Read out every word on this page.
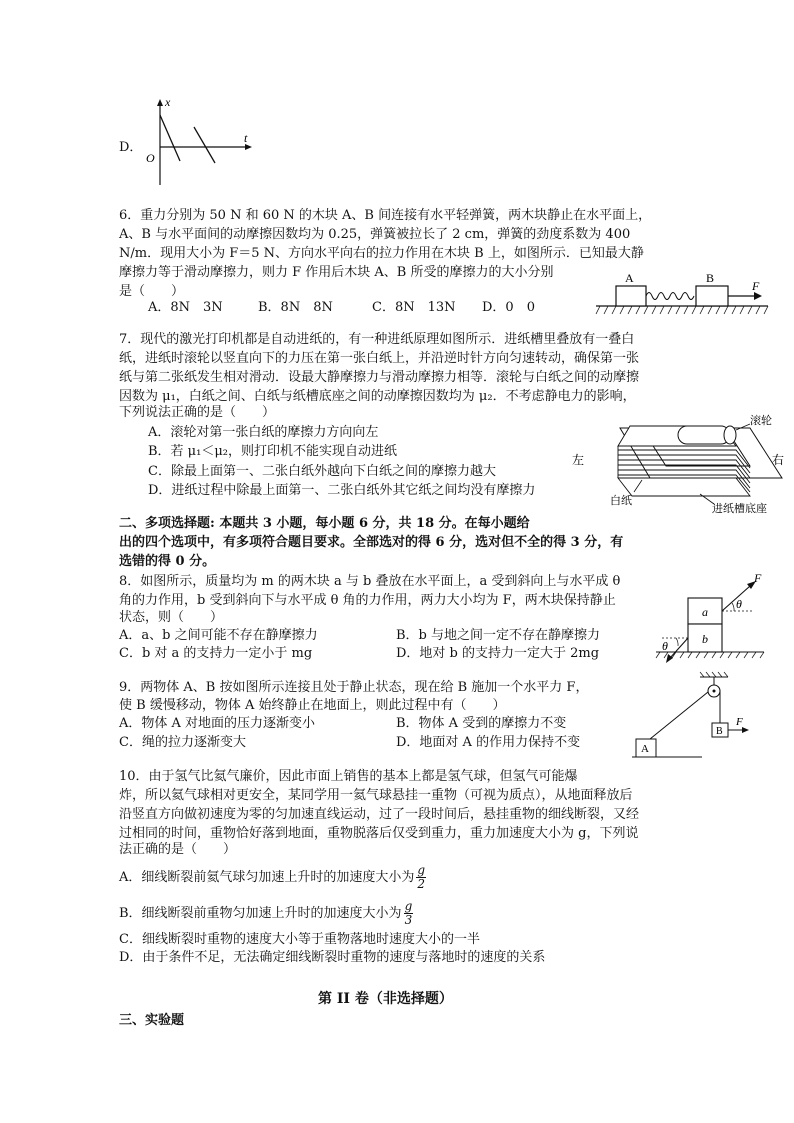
D．
x
t
O
6．重力分别为 50 N 和 60 N 的木块 A、B 间连接有水平轻弹簧，两木块静止在水平面上，
A、B 与水平面间的动摩擦因数均为 0.25，弹簧被拉长了 2 cm，弹簧的劲度系数为 400
N/m．现用大小为 F＝5 N、方向水平向右的拉力作用在木块 B 上，如图所示．已知最大静
摩擦力等于滑动摩擦力，则力 F 作用后木块 A、B 所受的摩擦力的大小分别
是（　　）
A．8N　3N	B．8N　8N	C．8N　13N D．0　0
A	B
F
7．现代的激光打印机都是自动进纸的，有一种进纸原理如图所示．进纸槽里叠放有一叠白
纸，进纸时滚轮以竖直向下的力压在第一张白纸上，并沿逆时针方向匀速转动，确保第一张
纸与第二张纸发生相对滑动．设最大静摩擦力与滑动摩擦力相等．滚轮与白纸之间的动摩擦
因数为 μ₁，白纸之间、白纸与纸槽底座之间的动摩擦因数均为 μ₂．不考虑静电力的影响，
下列说法正确的是（　　）
A．滚轮对第一张白纸的摩擦力方向向左
B．若 μ₁＜μ₂，则打印机不能实现自动进纸
C．除最上面第一、二张白纸外越向下白纸之间的摩擦力越大
D．进纸过程中除最上面第一、二张白纸外其它纸之间均没有摩擦力
滚轮
左	右
白纸
进纸槽底座
二、多项选择题: 本题共 3 小题，每小题 6 分，共 18 分。在每小题给
出的四个选项中，有多项符合题目要求。全部选对的得 6 分，选对但不全的得 3 分，有
选错的得 0 分。
8．如图所示，质量均为 m 的两木块 a 与 b 叠放在水平面上，a 受到斜向上与水平成 θ
角的力作用，b 受到斜向下与水平成 θ 角的力作用，两力大小均为 F，两木块保持静止
状态，则（　　）
A．a、b 之间可能不存在静摩擦力	B．b 与地之间一定不存在静摩擦力
C．b 对 a 的支持力一定小于 mg	D．地对 b 的支持力一定大于 2mg
a
b
F
θ
θ
9．两物体 A、B 按如图所示连接且处于静止状态，现在给 B 施加一个水平力 F，
使 B 缓慢移动，物体 A 始终静止在地面上，则此过程中有（　　）
A．物体 A 对地面的压力逐渐变小	B．物体 A 受到的摩擦力不变
C．绳的拉力逐渐变大	D．地面对 A 的作用力保持不变	A
B
F
10．由于氢气比氦气廉价，因此市面上销售的基本上都是氢气球，但氢气可能爆
炸，所以氦气球相对更安全，某同学用一氦气球悬挂一重物（可视为质点），从地面释放后
沿竖直方向做初速度为零的匀加速直线运动，过了一段时间后，悬挂重物的细线断裂，又经
过相同的时间，重物恰好落到地面，重物脱落后仅受到重力，重力加速度大小为 g，下列说
法正确的是（　　）
A．细线断裂前氦气球匀加速上升时的加速度大小为 $\frac{g}{2}$
B．细线断裂前重物匀加速上升时的加速度大小为 $\frac{g}{3}$
C．细线断裂时重物的速度大小等于重物落地时速度大小的一半
D．由于条件不足，无法确定细线断裂时重物的速度与落地时的速度的关系
第 II 卷（非选择题）
三、实验题
